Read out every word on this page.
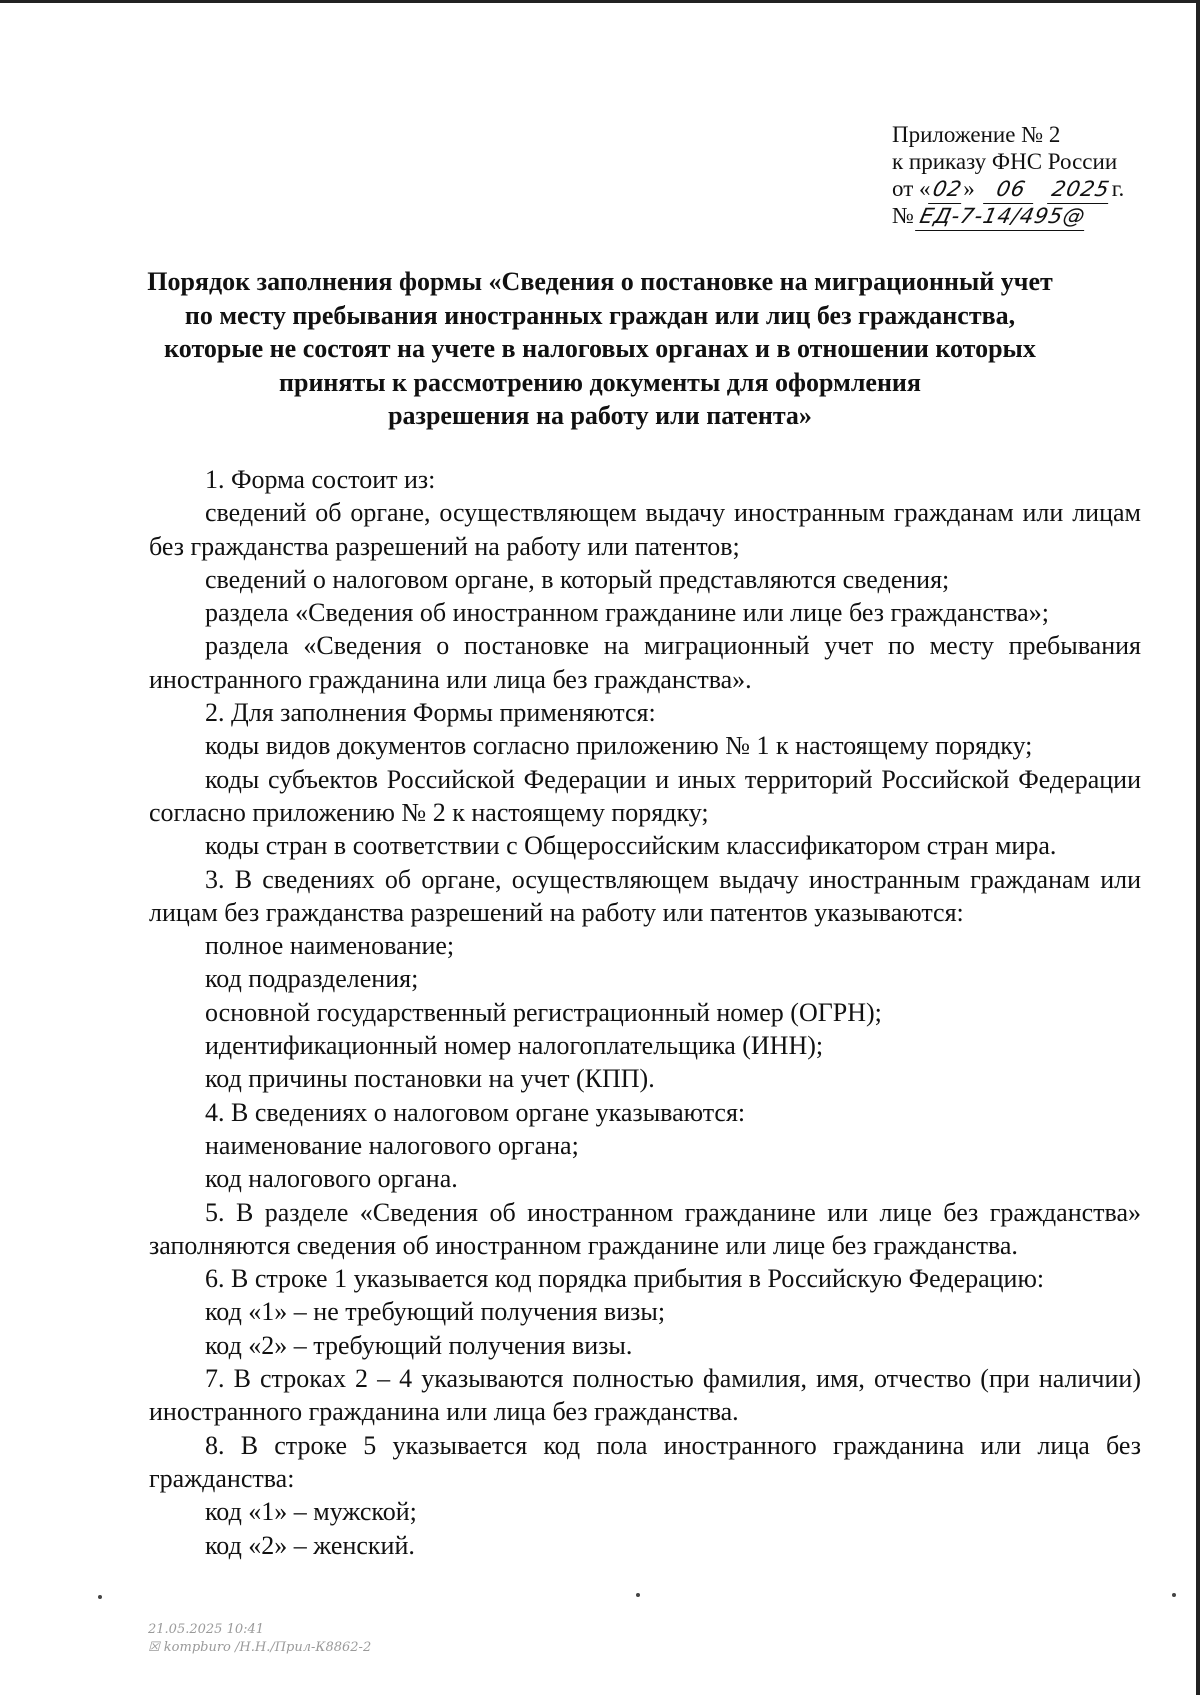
Приложение № 2
к приказу ФНС России
от «02» 06 2025г.
№ ЕД-7-14/495@
Порядок заполнения формы «Сведения о постановке на миграционный учет
по месту пребывания иностранных граждан или лиц без гражданства,
которые не состоят на учете в налоговых органах и в отношении которых
приняты к рассмотрению документы для оформления
разрешения на работу или патента»

1. Форма состоит из:

сведений об органе, осуществляющем выдачу иностранным гражданам или лицам без гражданства разрешений на работу или патентов;

сведений о налоговом органе, в который представляются сведения;

раздела «Сведения об иностранном гражданине или лице без гражданства»;

раздела «Сведения о постановке на миграционный учет по месту пребывания иностранного гражданина или лица без гражданства».

2. Для заполнения Формы применяются:

коды видов документов согласно приложению № 1 к настоящему порядку;

коды субъектов Российской Федерации и иных территорий Российской Федерации согласно приложению № 2 к настоящему порядку;

коды стран в соответствии с Общероссийским классификатором стран мира.

3. В сведениях об органе, осуществляющем выдачу иностранным гражданам или лицам без гражданства разрешений на работу или патентов указываются:

полное наименование;

код подразделения;

основной государственный регистрационный номер (ОГРН);

идентификационный номер налогоплательщика (ИНН);

код причины постановки на учет (КПП).

4. В сведениях о налоговом органе указываются:

наименование налогового органа;

код налогового органа.

5. В разделе «Сведения об иностранном гражданине или лице без гражданства» заполняются сведения об иностранном гражданине или лице без гражданства.

6. В строке 1 указывается код порядка прибытия в Российскую Федерацию:

код «1» – не требующий получения визы;

код «2» – требующий получения визы.

7. В строках 2 – 4 указываются полностью фамилия, имя, отчество (при наличии) иностранного гражданина или лица без гражданства.

8. В строке 5 указывается код пола иностранного гражданина или лица без гражданства:

код «1» – мужской;

код «2» – женский.

21.05.2025 10:41
☒ kompburo /Н.Н./Прил-К8862-2
